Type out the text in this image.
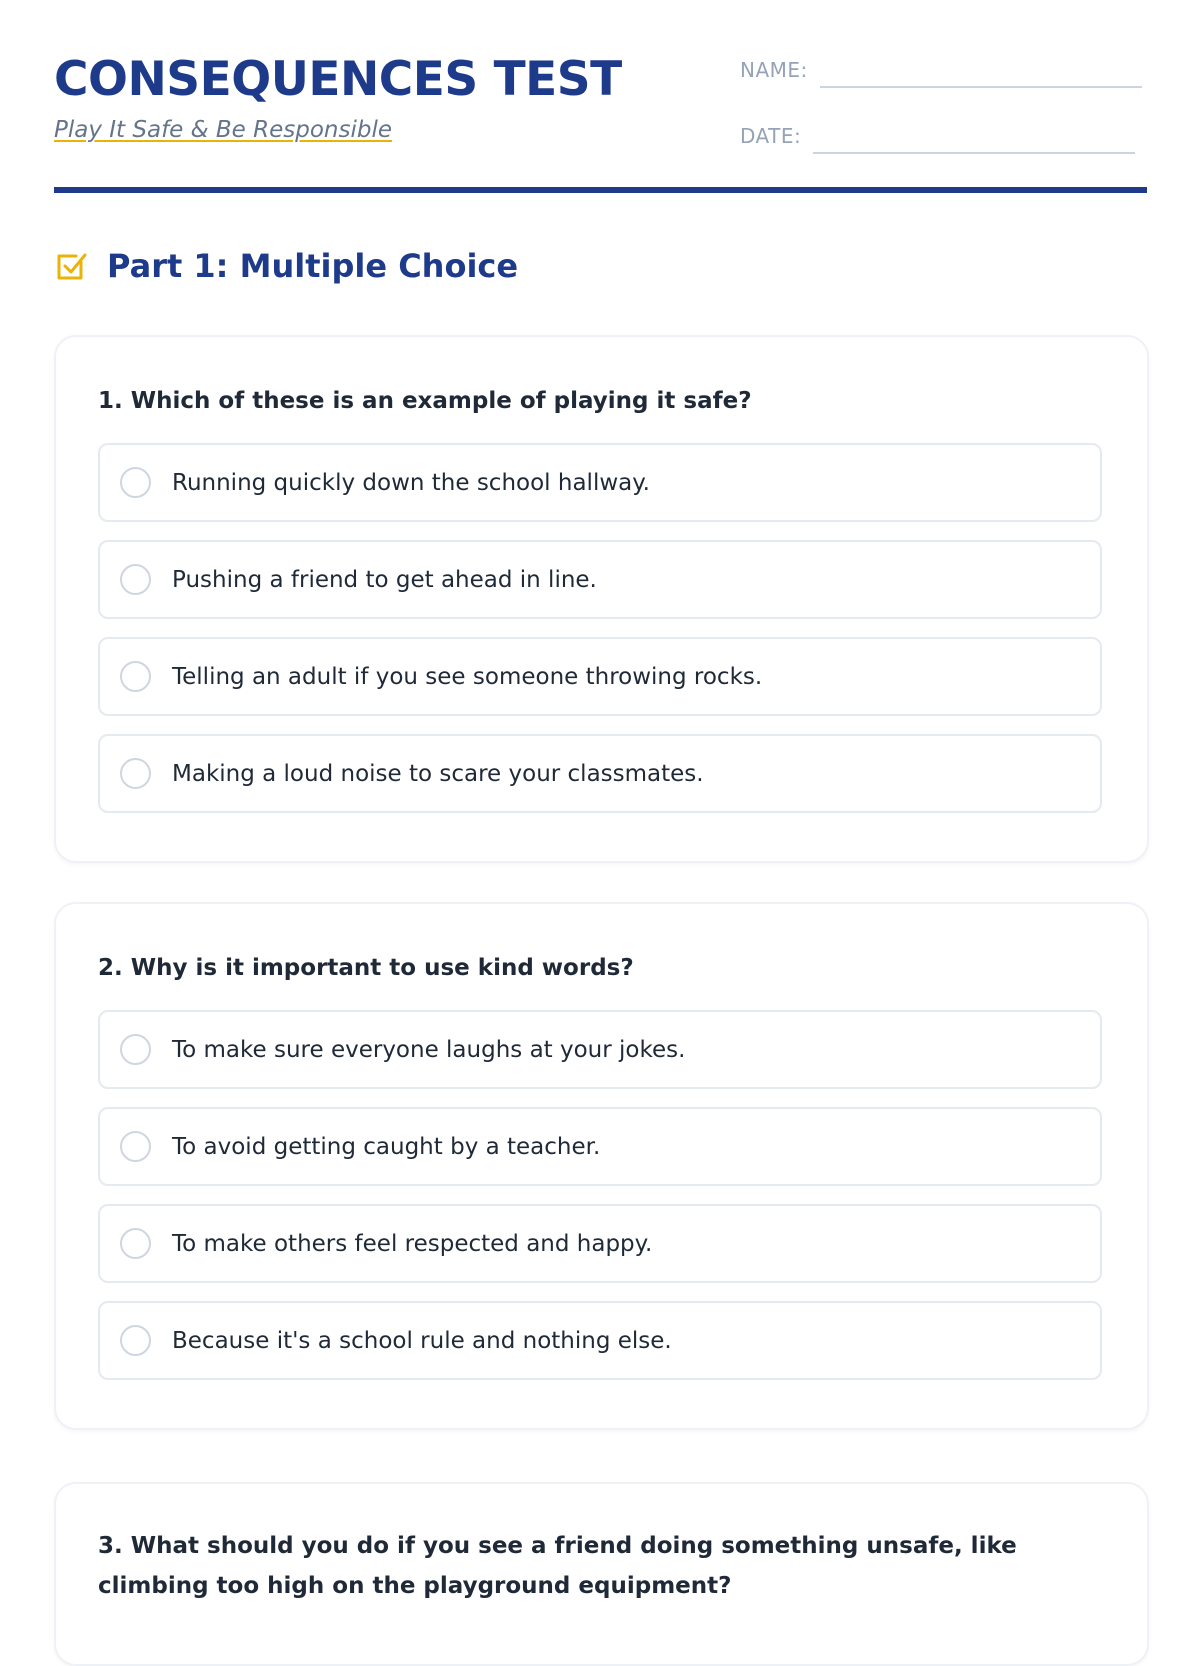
CONSEQUENCES TEST
Play It Safe & Be Responsible
NAME:
DATE:
Part 1: Multiple Choice

1. Which of these is an example of playing it safe?

Running quickly down the school hallway.
Pushing a friend to get ahead in line.
Telling an adult if you see someone throwing rocks.
Making a loud noise to scare your classmates.

2. Why is it important to use kind words?

To make sure everyone laughs at your jokes.
To avoid getting caught by a teacher.
To make others feel respected and happy.
Because it's a school rule and nothing else.

3. What should you do if you see a friend doing something unsafe, like climbing too high on the playground equipment?
